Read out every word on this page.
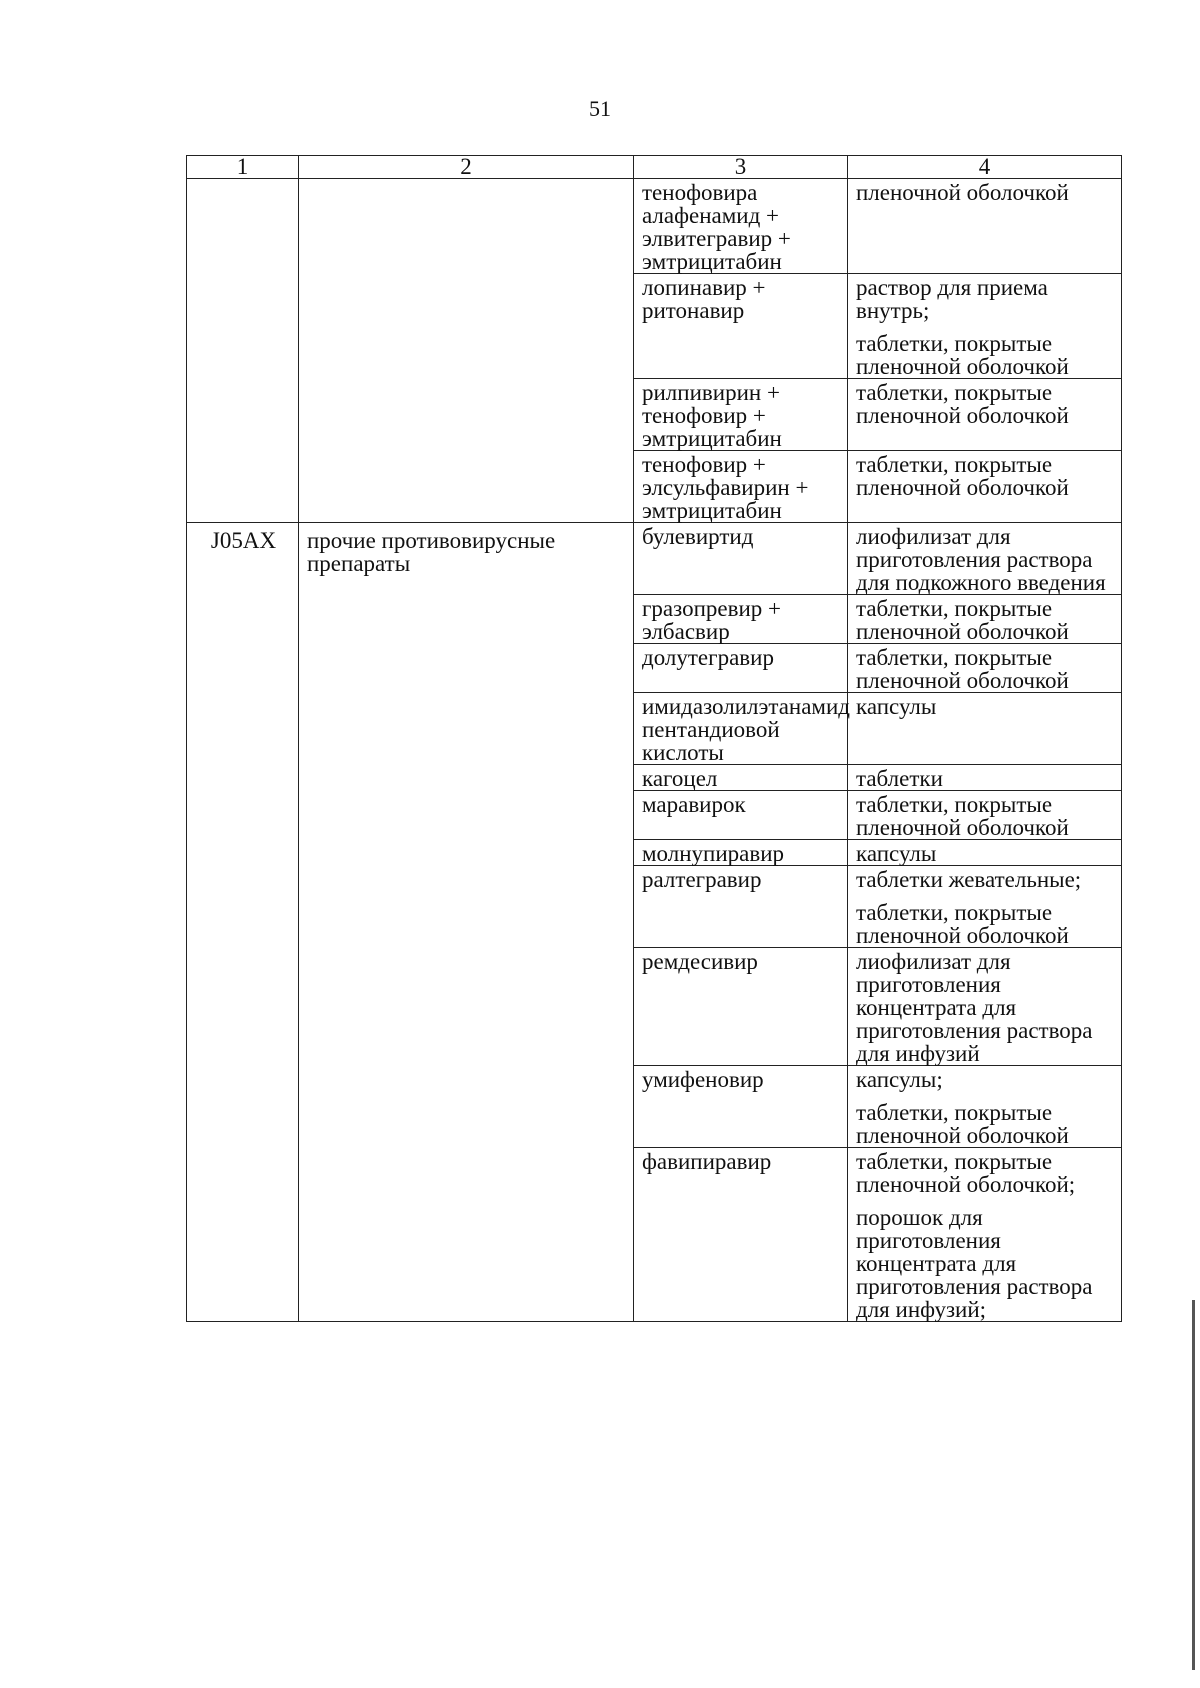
51
1	2	3	4
		тенофовира алафенамид + элвитегравир + эмтрицитабин	пленочной оболочкой

		лопинавир + ритонавир	раствор для приема внутрь;
таблетки, покрытые пленочной оболочкой

		рилпивирин + тенофовир + эмтрицитабин	таблетки, покрытые пленочной оболочкой

		тенофовир + элсульфавирин + эмтрицитабин	таблетки, покрытые пленочной оболочкой

J05AX	прочие противовирусные препараты	булевиртид	лиофилизат для приготовления раствора для подкожного введения

		гразопревир + элбасвир	таблетки, покрытые пленочной оболочкой

		долутегравир	таблетки, покрытые пленочной оболочкой

		имидазолилэтанамид пентандиовой кислоты	капсулы

		кагоцел	таблетки

		маравирок	таблетки, покрытые пленочной оболочкой

		молнупиравир	капсулы

		ралтегравир	таблетки жевательные;
таблетки, покрытые пленочной оболочкой

		ремдесивир	лиофилизат для приготовления концентрата для приготовления раствора для инфузий

		умифеновир	капсулы;
таблетки, покрытые пленочной оболочкой

		фавипиравир	таблетки, покрытые пленочной оболочкой;
порошок для приготовления концентрата для приготовления раствора для инфузий;
